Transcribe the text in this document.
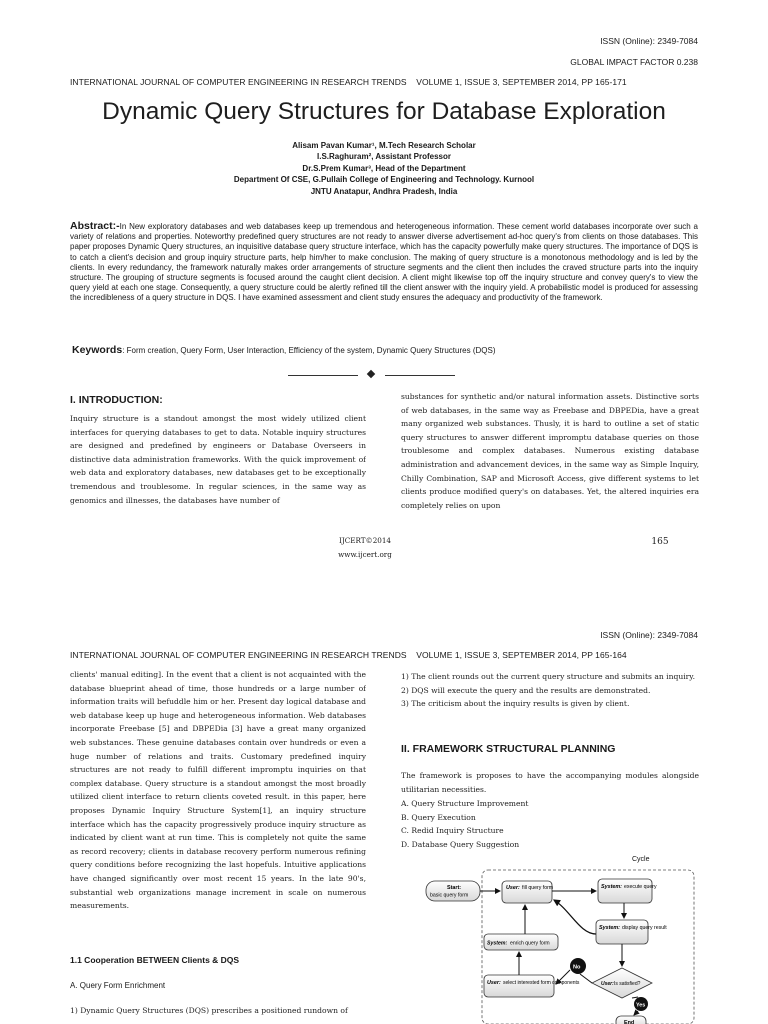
ISSN (Online): 2349-7084
GLOBAL IMPACT FACTOR 0.238
INTERNATIONAL JOURNAL OF COMPUTER ENGINEERING IN RESEARCH TRENDS    VOLUME 1, ISSUE 3, SEPTEMBER 2014, PP 165-171
Dynamic Query Structures for Database Exploration
Alisam Pavan Kumar¹, M.Tech Research Scholar
I.S.Raghuram², Assistant Professor
Dr.S.Prem Kumar³, Head of the Department
Department Of CSE, G.Pullaih College of Engineering and Technology. Kurnool
JNTU Anatapur, Andhra Pradesh, India
Abstract:-In New exploratory databases and web databases keep up tremendous and heterogeneous information. These cement world databases incorporate over such a variety of relations and properties. Noteworthy predefined query structures are not ready to answer diverse advertisement ad-hoc query's from clients on those databases. This paper proposes Dynamic Query structures, an inquisitive database query structure interface, which has the capacity powerfully make query structures. The importance of DQS is to catch a client's decision and group inquiry structure parts, help him/her to make conclusion. The making of query structure is a monotonous methodology and is led by the clients. In every redundancy, the framework naturally makes order arrangements of structure segments and the client then includes the craved structure parts into the inquiry structure. The grouping of structure segments is focused around the caught client decision. A client might likewise top off the inquiry structure and convey query's to view the query yield at each one stage. Consequently, a query structure could be alertly refined till the client answer with the inquiry yield. A probabilistic model is produced for assessing the incredibleness of a query structure in DQS. I have examined assessment and client study ensures the adequacy and productivity of the framework.
Keywords: Form creation, Query Form, User Interaction, Efficiency of the system, Dynamic Query Structures (DQS)
I. INTRODUCTION:
Inquiry structure is a standout amongst the most widely utilized client interfaces for querying databases to get to data. Notable inquiry structures are designed and predefined by engineers or Database Overseers in distinctive data administration frameworks. With the quick improvement of web data and exploratory databases, new databases get to be exceptionally tremendous and troublesome. In regular sciences, in the same way as genomics and illnesses, the databases have number of
substances for synthetic and/or natural information assets. Distinctive sorts of web databases, in the same way as Freebase and DBPEDia, have a great many organized web substances. Thusly, it is hard to outline a set of static query structures to answer different impromptu database queries on those troublesome and complex databases. Numerous existing database administration and advancement devices, in the same way as Simple Inquiry, Chilly Combination, SAP and Microsoft Access, give different systems to let clients produce modified query's on databases. Yet, the altered inquiries era completely relies on upon
IJCERT©2014
www.ijcert.org
165
ISSN (Online): 2349-7084
INTERNATIONAL JOURNAL OF COMPUTER ENGINEERING IN RESEARCH TRENDS    VOLUME 1, ISSUE 3, SEPTEMBER 2014, PP 165-164
clients' manual editing]. In the event that a client is not acquainted with the database blueprint ahead of time, those hundreds or a large number of information traits will befuddle him or her. Present day logical database and web database keep up huge and heterogeneous information. Web databases incorporate Freebase [5] and DBPEDia [3] have a great many organized web substances. These genuine databases contain over hundreds or even a huge number of relations and traits. Customary predefined inquiry structures are not ready to fulfill different impromptu inquiries on that complex database. Query structure is a standout amongst the most broadly utilized client interface to return clients coveted result. in this paper, here proposes Dynamic Inquiry Structure System[1], an inquiry structure interface which has the capacity progressively produce inquiry structure as indicated by client want at run time. This is completely not quite the same as record recovery; clients in database recovery perform numerous refining query conditions before recognizing the last hopefuls. Intuitive applications have changed significantly over most recent 15 years. In the late 90's, substantial web organizations manage increment in scale on numerous measurements.
1.1 Cooperation BETWEEN Clients & DQS
A. Query Form Enrichment
1) Dynamic Query Structures (DQS) prescribes a positioned rundown of
1) The client rounds out the current query structure and submits an inquiry.
2) DQS will execute the query and the results are demonstrated.
3) The criticism about the inquiry results is given by client.
II. FRAMEWORK STRUCTURAL PLANNING
The framework is proposes to have the accompanying modules alongside utilitarian necessities.
A. Query Structure Improvement
B. Query Execution
C. Redid Inquiry Structure
D. Database Query Suggestion
Cycle
Start:
basic query form
User: fill query form	System: execute query
System: enrich query form
System: display query result
No
User: select interested form components	User: Is satisfied?
Yes
End
